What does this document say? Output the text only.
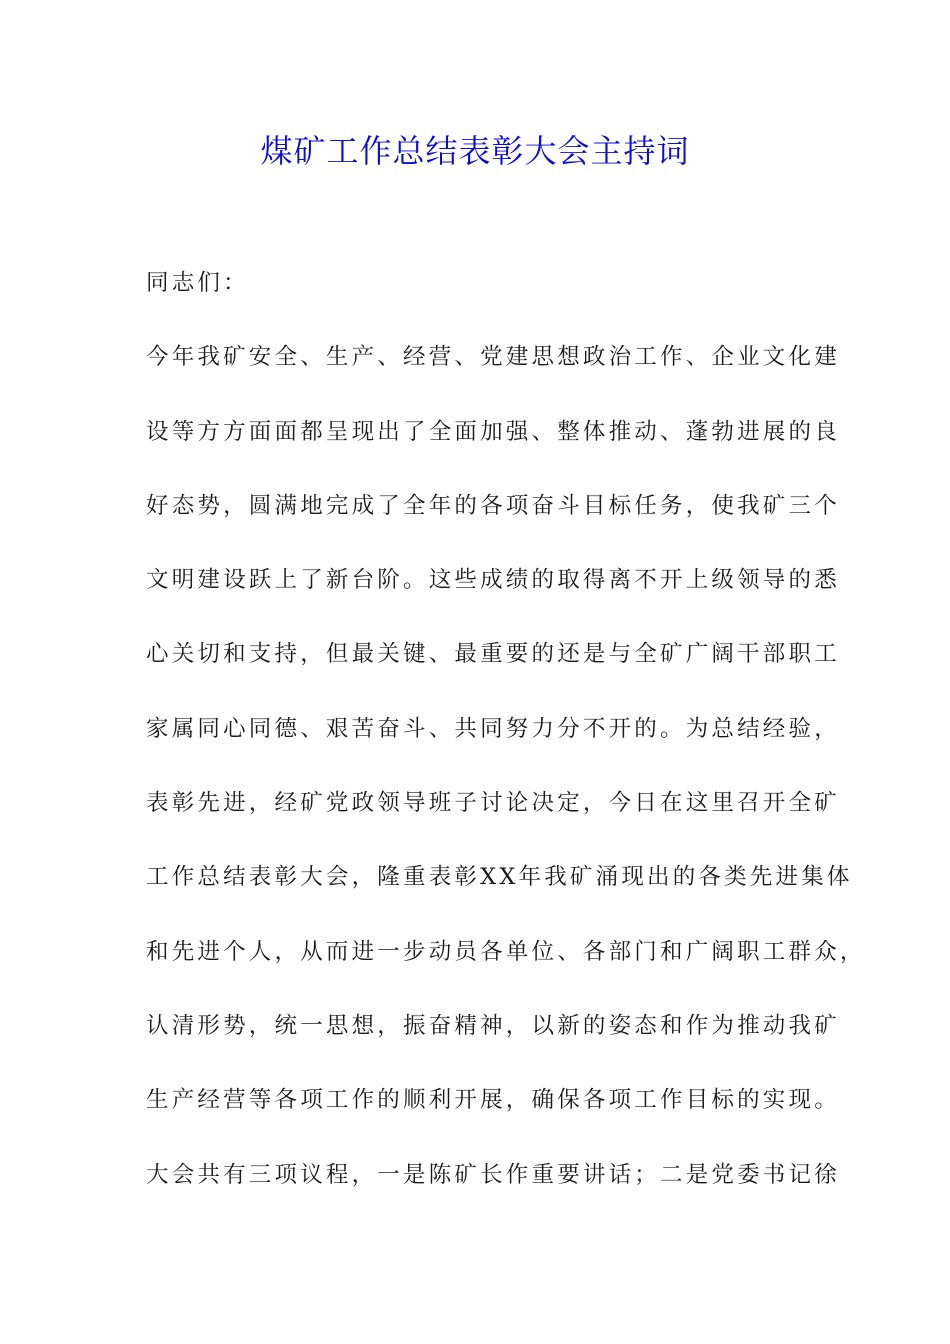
煤矿工作总结表彰大会主持词
同志们：
今年我矿安全、生产、经营、党建思想政治工作、企业文化建
设等方方面面都呈现出了全面加强、整体推动、蓬勃进展的良
好态势，圆满地完成了全年的各项奋斗目标任务，使我矿三个
文明建设跃上了新台阶。这些成绩的取得离不开上级领导的悉
心关切和支持，但最关键、最重要的还是与全矿广阔干部职工
家属同心同德、艰苦奋斗、共同努力分不开的。为总结经验，
表彰先进，经矿党政领导班子讨论决定，今日在这里召开全矿
工作总结表彰大会，隆重表彰XX年我矿涌现出的各类先进集体
和先进个人，从而进一步动员各单位、各部门和广阔职工群众，
认清形势，统一思想，振奋精神，以新的姿态和作为推动我矿
生产经营等各项工作的顺利开展，确保各项工作目标的实现。
大会共有三项议程，一是陈矿长作重要讲话；二是党委书记徐
